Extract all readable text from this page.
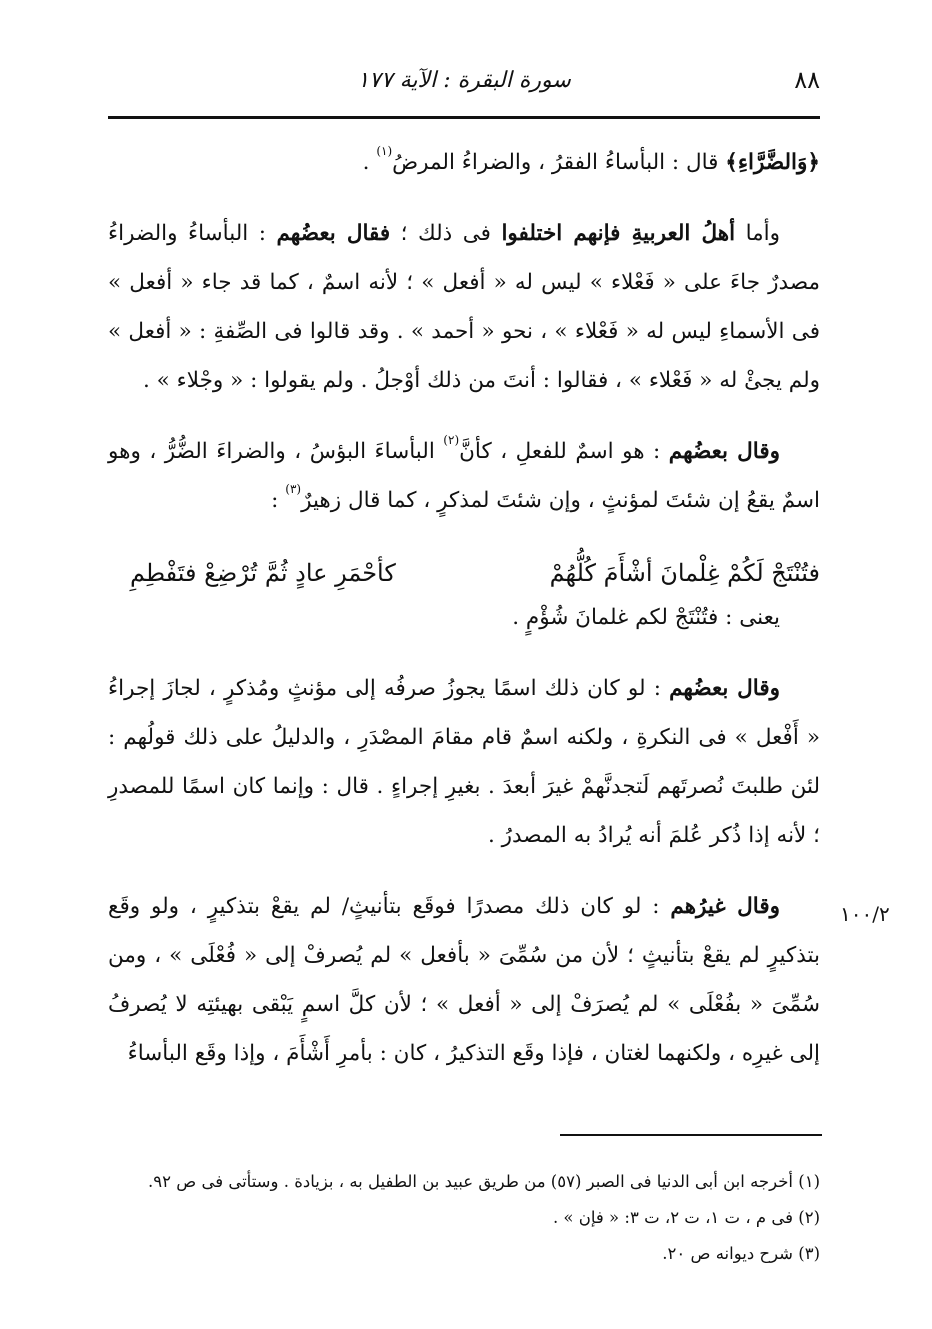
٨٨
سورة البقرة : الآية ١٧٧
١٠٠/٢

﴿وَالضَّرَّاءِ﴾ قال : البأساءُ الفقرُ ، والضراءُ المرضُ$^{(١)}$ .

وأما أهلُ العربيةِ فإنهم اختلفوا فى ذلك ؛ فقال بعضُهم : البأساءُ والضراءُ مصدرٌ جاءَ على « فَعْلاء » ليس له « أفعل » ؛ لأنه اسمٌ ، كما قد جاء « أفعل » فى الأسماءِ ليس له « فَعْلاء » ، نحو « أحمد » . وقد قالوا فى الصِّفةِ : « أفعل » ولم يجئْ له « فَعْلاء » ، فقالوا : أنتَ من ذلك أوْجلُ . ولم يقولوا : « وجْلاء » .

وقال بعضُهم : هو اسمٌ للفعلِ ، كأنَّ$^{(٢)}$ البأساءَ البؤسُ ، والضراءَ الضُّرُّ ، وهو اسمٌ يقعُ إن شئتَ لمؤنثٍ ، وإن شئتَ لمذكرٍ ، كما قال زهيرٌ$^{(٣)}$ :

فتُنْتَجْ لَكُمْ غِلْمانَ أشْأَمَ كُلُّهُمْ
كأحْمَرِ عادٍ ثُمَّ تُرْضِعْ فتَفْطِمِ

يعنى : فتُنْتَجْ لكم غلمانَ شُؤْمٍ .

وقال بعضُهم : لو كان ذلك اسمًا يجوزُ صرفُه إلى مؤنثٍ ومُذكرٍ ، لجازَ إجراءُ « أَفْعل » فى النكرةِ ، ولكنه اسمٌ قام مقامَ المصْدَرِ ، والدليلُ على ذلك قولُهم : لئن طلبتَ نُصرتَهم لَتجدنَّهمْ غيرَ أبعدَ . بغيرِ إجراءٍ . قال : وإنما كان اسمًا للمصدرِ ؛ لأنه إذا ذُكر عُلمَ أنه يُرادُ به المصدرُ .

وقال غيرُهم : لو كان ذلك مصدرًا فوقَع بتأنيثٍ/ لم يقعْ بتذكيرٍ ، ولو وقَع بتذكيرٍ لم يقعْ بتأنيثٍ ؛ لأن من سُمِّىَ « بأفعل » لم يُصرفْ إلى « فُعْلَى » ، ومن سُمِّىَ « بفُعْلَى » لم يُصرَفْ إلى « أفعل » ؛ لأن كلَّ اسمٍ يَبْقى بهيئتِه لا يُصرفُ إلى غيرِه ، ولكنهما لغتان ، فإذا وقَع التذكيرُ ، كان : بأمرِ أَشْأَمَ ، وإذا وقَع البأساءُ

(١) أخرجه ابن أبى الدنيا فى الصبر (٥٧) من طريق عبيد بن الطفيل به ، بزيادة . وستأتى فى ص ٩٢.
(٢) فى م ، ت ١، ت ٢، ت ٣: « فإن » .
(٣) شرح ديوانه ص ٢٠.
